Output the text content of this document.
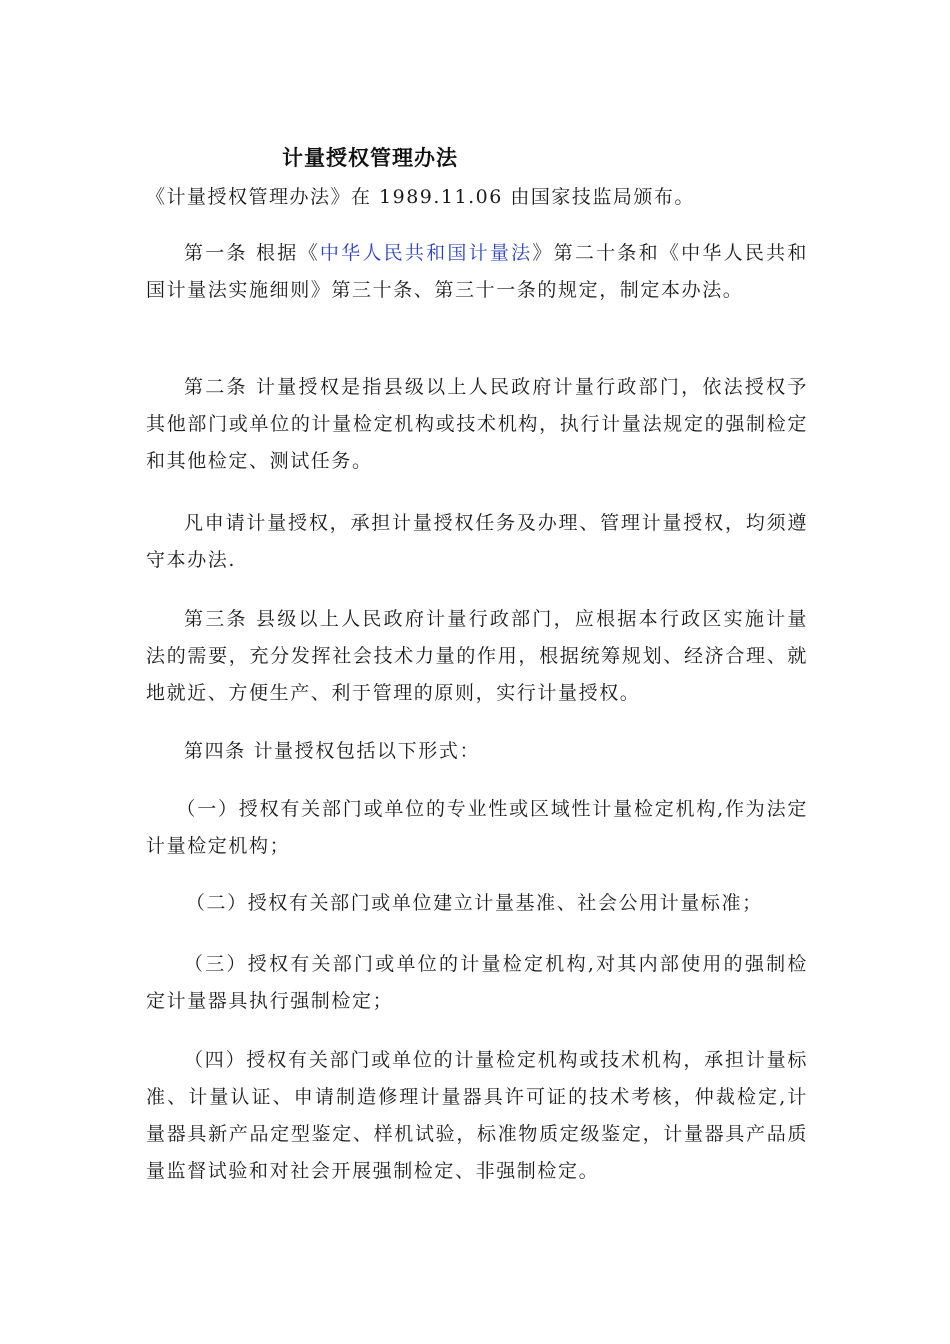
计量授权管理办法
《计量授权管理办法》在 1989.11.06 由国家技监局颁布。
第一条 根据《中华人民共和国计量法》第二十条和《中华人民共和国计量法实施细则》第三十条、第三十一条的规定，制定本办法。
第二条 计量授权是指县级以上人民政府计量行政部门，依法授权予其他部门或单位的计量检定机构或技术机构，执行计量法规定的强制检定和其他检定、测试任务。
凡申请计量授权，承担计量授权任务及办理、管理计量授权，均须遵守本办法.
第三条 县级以上人民政府计量行政部门，应根据本行政区实施计量法的需要，充分发挥社会技术力量的作用，根据统筹规划、经济合理、就地就近、方便生产、利于管理的原则，实行计量授权。
第四条 计量授权包括以下形式：
（一）授权有关部门或单位的专业性或区域性计量检定机构,作为法定计量检定机构；
（二）授权有关部门或单位建立计量基准、社会公用计量标准；
（三）授权有关部门或单位的计量检定机构,对其内部使用的强制检定计量器具执行强制检定；
（四）授权有关部门或单位的计量检定机构或技术机构，承担计量标准、计量认证、申请制造修理计量器具许可证的技术考核，仲裁检定,计量器具新产品定型鉴定、样机试验，标准物质定级鉴定，计量器具产品质量监督试验和对社会开展强制检定、非强制检定。
